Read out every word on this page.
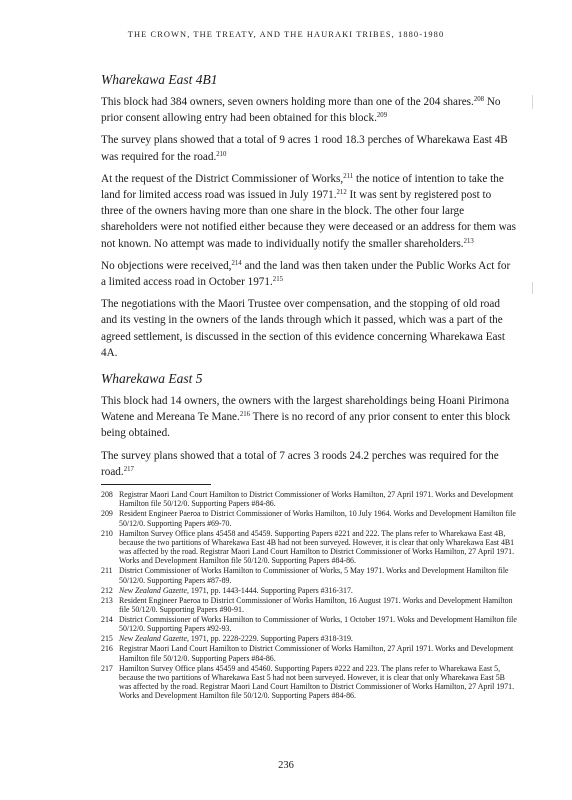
THE CROWN, THE TREATY, AND THE HAURAKI TRIBES, 1880-1980
Wharekawa East 4B1

This block had 384 owners, seven owners holding more than one of the 204 shares.$^{208}$ No prior consent allowing entry had been obtained for this block.$^{209}$

The survey plans showed that a total of 9 acres 1 rood 18.3 perches of Wharekawa East 4B was required for the road.$^{210}$

At the request of the District Commissioner of Works,$^{211}$ the notice of intention to take the land for limited access road was issued in July 1971.$^{212}$ It was sent by registered post to three of the owners having more than one share in the block. The other four large shareholders were not notified either because they were deceased or an address for them was not known. No attempt was made to individually notify the smaller shareholders.$^{213}$

No objections were received,$^{214}$ and the land was then taken under the Public Works Act for a limited access road in October 1971.$^{215}$

The negotiations with the Maori Trustee over compensation, and the stopping of old road and its vesting in the owners of the lands through which it passed, which was a part of the agreed settlement, is discussed in the section of this evidence concerning Wharekawa East 4A.

Wharekawa East 5

This block had 14 owners, the owners with the largest shareholdings being Hoani Pirimona Watene and Mereana Te Mane.$^{216}$ There is no record of any prior consent to enter this block being obtained.

The survey plans showed that a total of 7 acres 3 roods 24.2 perches was required for the road.$^{217}$

208 Registrar Maori Land Court Hamilton to District Commissioner of Works Hamilton, 27 April 1971. Works and Development Hamilton file 50/12/0. Supporting Papers #84-86.
209 Resident Engineer Paeroa to District Commissioner of Works Hamilton, 10 July 1964. Works and Development Hamilton file 50/12/0. Supporting Papers #69-70.
210 Hamilton Survey Office plans 45458 and 45459. Supporting Papers #221 and 222. The plans refer to Wharekawa East 4B, because the two partitions of Wharekawa East 4B had not been surveyed. However, it is clear that only Wharekawa East 4B1 was affected by the road. Registrar Maori Land Court Hamilton to District Commissioner of Works Hamilton, 27 April 1971. Works and Development Hamilton file 50/12/0. Supporting Papers #84-86.
211 District Commissioner of Works Hamilton to Commissioner of Works, 5 May 1971. Works and Development Hamilton file 50/12/0. Supporting Papers #87-89.
212 New Zealand Gazette, 1971, pp. 1443-1444. Supporting Papers #316-317.
213 Resident Engineer Paeroa to District Commissioner of Works Hamilton, 16 August 1971. Works and Development Hamilton file 50/12/0. Supporting Papers #90-91.
214 District Commissioner of Works Hamilton to Commissioner of Works, 1 October 1971. Woks and Development Hamilton file 50/12/0. Supporting Papers #92-93.
215 New Zealand Gazette, 1971, pp. 2228-2229. Supporting Papers #318-319.
216 Registrar Maori Land Court Hamilton to District Commissioner of Works Hamilton, 27 April 1971. Works and Development Hamilton file 50/12/0. Supporting Papers #84-86.
217 Hamilton Survey Office plans 45459 and 45460. Supporting Papers #222 and 223. The plans refer to Wharekawa East 5, because the two partitions of Wharekawa East 5 had not been surveyed. However, it is clear that only Wharekawa East 5B was affected by the road. Registrar Maori Land Court Hamilton to District Commissioner of Works Hamilton, 27 April 1971. Works and Development Hamilton file 50/12/0. Supporting Papers #84-86.
236
